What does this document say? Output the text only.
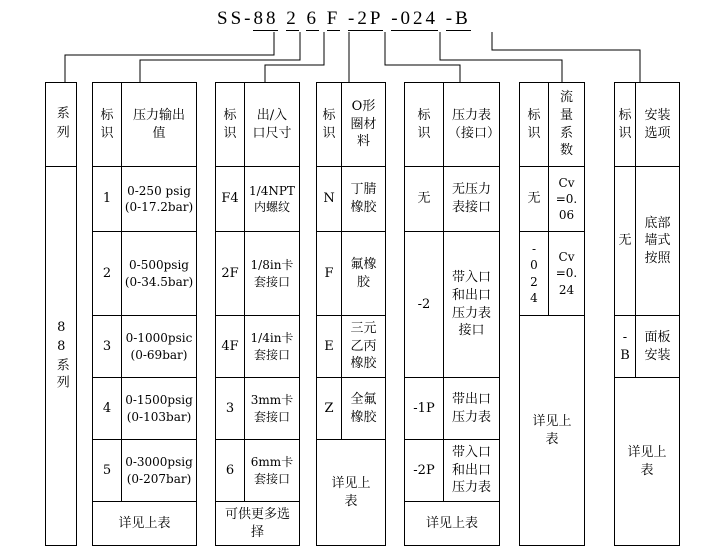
SS-88 2 6 F -2P -024 -B
系列
88系列
标识
压力输出值
1
0-250 psig (0-17.2bar)
2
0-500psig (0-34.5bar)
3
0-1000psic (0-69bar)
4
0-1500psig (0-103bar)
5
0-3000psig (0-207bar)
详见上表
标识
出/入口尺寸
F4
1/4NPT内螺纹
2F
1/8in卡套接口
4F
1/4in卡套接口
3
3mm卡套接口
6
6mm卡套接口
可供更多选择
标识
O形圈材料
N
丁腈橡胶
F
氟橡胶
E
三元乙丙橡胶
Z
全氟橡胶
详见上表
标识
压力表（接口）
无
无压力表接口
-2
带入口和出口压力表接口
-1P
带出口压力表
-2P
带入口和出口压力表
详见上表
标识
流量系数
无
Cv=0.06
-024
Cv=0.24
详见上表
标识
安装选项
无
底部墙式按照
-B
面板安装
详见上表
